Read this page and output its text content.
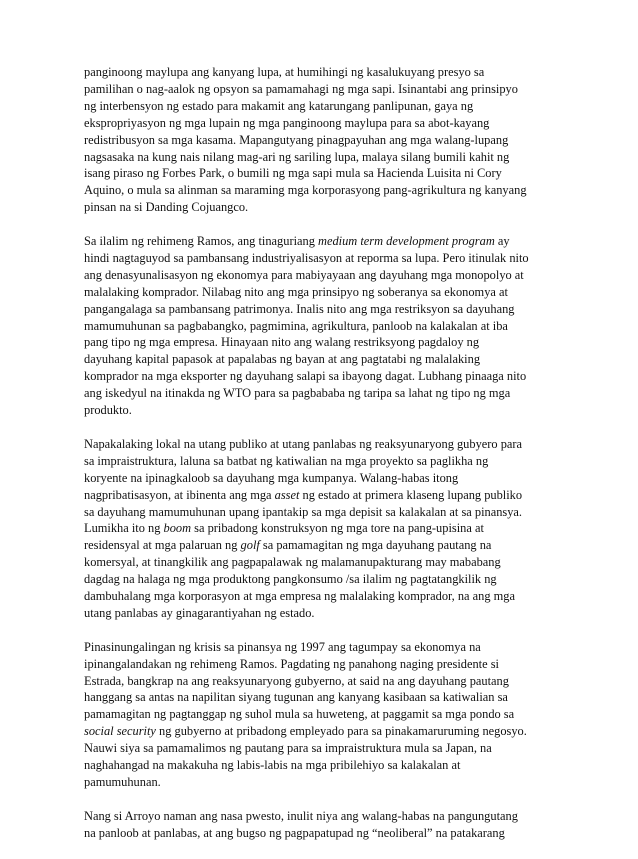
panginoong maylupa ang kanyang lupa, at humihingi ng kasalukuyang presyo sa
pamilihan o nag-aalok ng opsyon sa pamamahagi ng mga sapi. Isinantabi ang prinsipyo
ng interbensyon ng estado para makamit ang katarungang panlipunan, gaya ng
ekspropriyasyon ng mga lupain ng mga panginoong maylupa para sa abot-kayang
redistribusyon sa mga kasama. Mapangutyang pinagpayuhan ang mga walang-lupang
nagsasaka na kung nais nilang mag-ari ng sariling lupa, malaya silang bumili kahit ng
isang piraso ng Forbes Park, o bumili ng mga sapi mula sa Hacienda Luisita ni Cory
Aquino, o mula sa alinman sa maraming mga korporasyong pang-agrikultura ng kanyang
pinsan na si Danding Cojuangco.

Sa ilalim ng rehimeng Ramos, ang tinaguriang medium term development program ay
hindi nagtaguyod sa pambansang industriyalisasyon at reporma sa lupa. Pero itinulak nito
ang denasyunalisasyon ng ekonomya para mabiyayaan ang dayuhang mga monopolyo at
malalaking komprador. Nilabag nito ang mga prinsipyo ng soberanya sa ekonomya at
pangangalaga sa pambansang patrimonya. Inalis nito ang mga restriksyon sa dayuhang
mamumuhunan sa pagbabangko, pagmimina, agrikultura, panloob na kalakalan at iba
pang tipo ng mga empresa. Hinayaan nito ang walang restriksyong pagdaloy ng
dayuhang kapital papasok at papalabas ng bayan at ang pagtatabi ng malalaking
komprador na mga eksporter ng dayuhang salapi sa ibayong dagat. Lubhang pinaaga nito
ang iskedyul na itinakda ng WTO para sa pagbababa ng taripa sa lahat ng tipo ng mga
produkto.

Napakalaking lokal na utang publiko at utang panlabas ng reaksyunaryong gubyero para
sa impraistruktura, laluna sa batbat ng katiwalian na mga proyekto sa paglikha ng
koryente na ipinagkaloob sa dayuhang mga kumpanya. Walang-habas itong
nagpribatisasyon, at ibinenta ang mga asset ng estado at primera klaseng lupang publiko
sa dayuhang mamumuhunan upang ipantakip sa mga depisit sa kalakalan at sa pinansya.
Lumikha ito ng boom sa pribadong konstruksyon ng mga tore na pang-upisina at
residensyal at mga palaruan ng golf sa pamamagitan ng mga dayuhang pautang na
komersyal, at tinangkilik ang pagpapalawak ng malamanupakturang may mababang
dagdag na halaga ng mga produktong pangkonsumo /sa ilalim ng pagtatangkilik ng
dambuhalang mga korporasyon at mga empresa ng malalaking komprador, na ang mga
utang panlabas ay ginagarantiyahan ng estado.

Pinasinungalingan ng krisis sa pinansya ng 1997 ang tagumpay sa ekonomya na
ipinangalandakan ng rehimeng Ramos. Pagdating ng panahong naging presidente si
Estrada, bangkrap na ang reaksyunaryong gubyerno, at said na ang dayuhang pautang
hanggang sa antas na napilitan siyang tugunan ang kanyang kasibaan sa katiwalian sa
pamamagitan ng pagtanggap ng suhol mula sa huweteng, at paggamit sa mga pondo sa
social security ng gubyerno at pribadong empleyado para sa pinakamaruruming negosyo.
Nauwi siya sa pamamalimos ng pautang para sa impraistruktura mula sa Japan, na
naghahangad na makakuha ng labis-labis na mga pribilehiyo sa kalakalan at
pamumuhunan.

Nang si Arroyo naman ang nasa pwesto, inulit niya ang walang-habas na pangungutang
na panloob at panlabas, at ang bugso ng pagpapatupad ng “neoliberal” na patakarang
